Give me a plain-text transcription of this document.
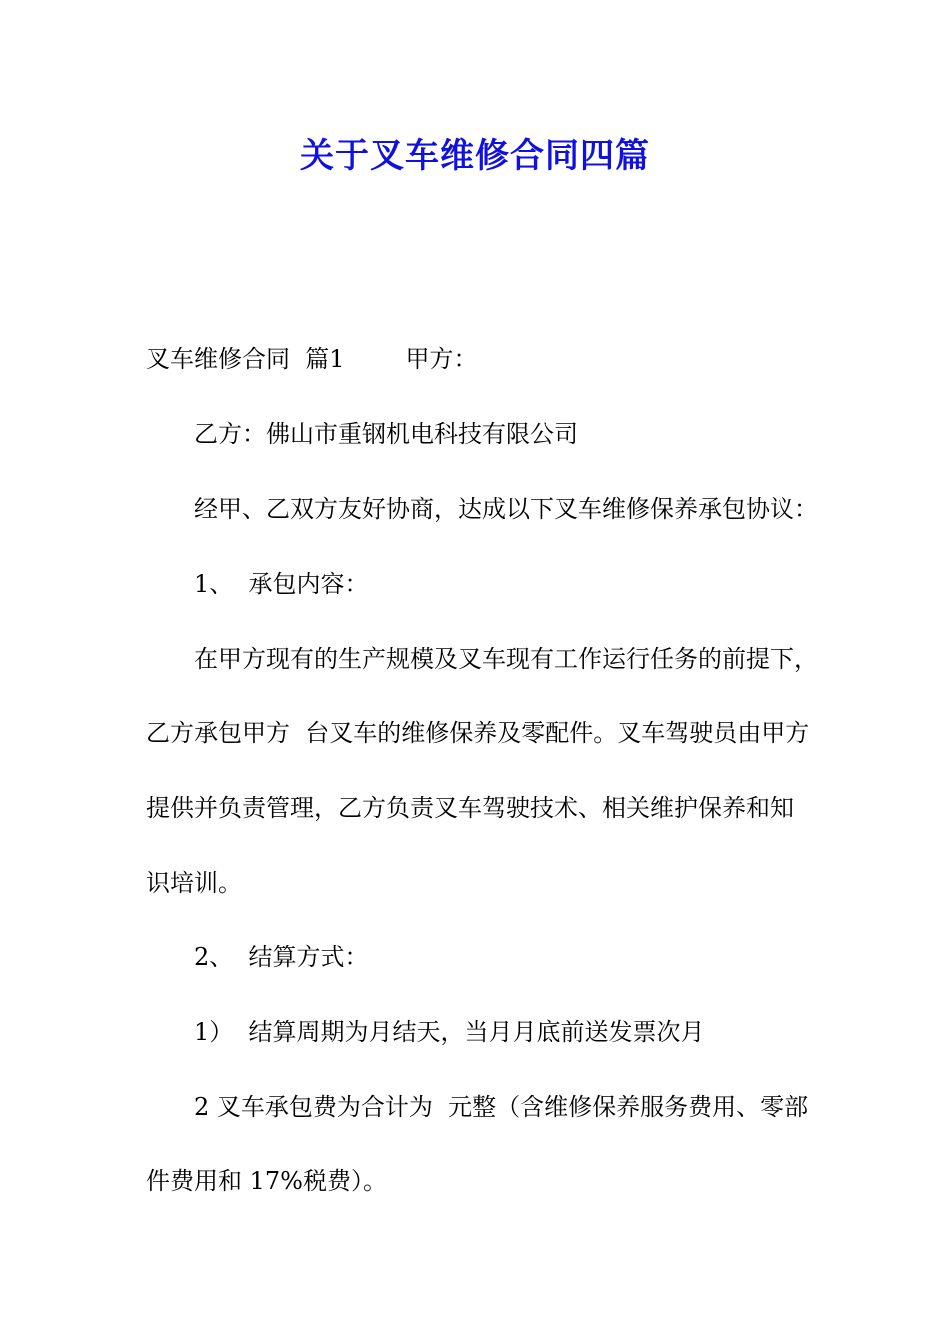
关于叉车维修合同四篇
叉车维修合同  篇1        甲方：
乙方：佛山市重钢机电科技有限公司
经甲、乙双方友好协商，达成以下叉车维修保养承包协议：
1、  承包内容：
在甲方现有的生产规模及叉车现有工作运行任务的前提下，
乙方承包甲方  台叉车的维修保养及零配件。叉车驾驶员由甲方
提供并负责管理，乙方负责叉车驾驶技术、相关维护保养和知
识培训。
2、  结算方式：
1）  结算周期为月结天，当月月底前送发票次月
2 叉车承包费为合计为  元整（含维修保养服务费用、零部
件费用和 17%税费）。
